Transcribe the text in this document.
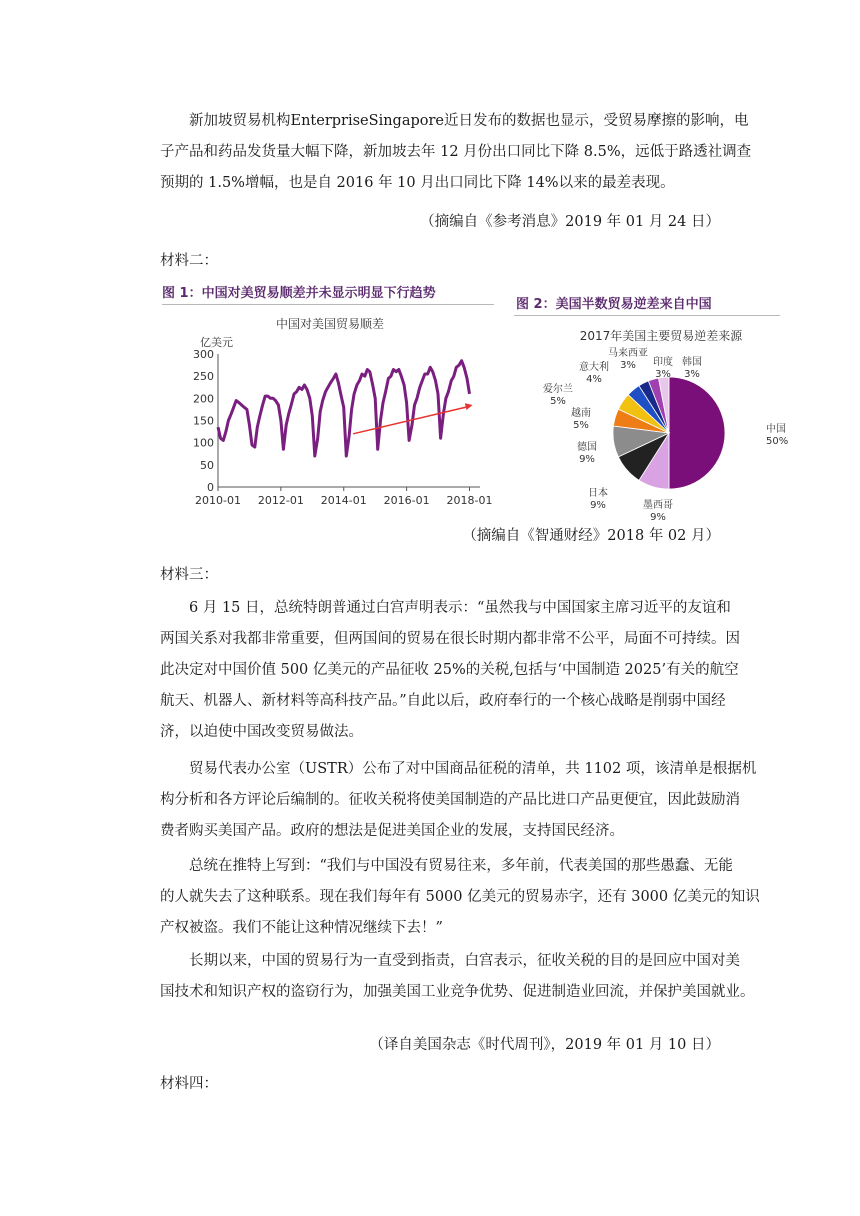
新加坡贸易机构EnterpriseSingapore近日发布的数据也显示，受贸易摩擦的影响，电
子产品和药品发货量大幅下降，新加坡去年 12 月份出口同比下降 8.5%，远低于路透社调查
预期的 1.5%增幅，也是自 2016 年 10 月出口同比下降 14%以来的最差表现。
（摘编自《参考消息》2019 年 01 月 24 日）
材料二：
图 1：中国对美贸易顺差并未显示明显下行趋势
中国对美国贸易顺差
亿美元
0
50
100
150
200
250
300
2010-01 2012-01 2014-01 2016-01 2018-01
图 2：美国半数贸易逆差来自中国
2017年美国主要贸易逆差来源
中国
50%
墨西哥
9%
日本
9%
德国
9%
越南
5%
爱尔兰
5%
意大利
4%
马来西亚
3% 印度
3%
韩国
3%
（摘编自《智通财经》2018 年 02 月）
材料三：
6 月 15 日，总统特朗普通过白宫声明表示：“虽然我与中国国家主席习近平的友谊和
两国关系对我都非常重要，但两国间的贸易在很长时期内都非常不公平，局面不可持续。因
此决定对中国价值 500 亿美元的产品征收 25%的关税,包括与‘中国制造 2025’有关的航空
航天、机器人、新材料等高科技产品。”自此以后，政府奉行的一个核心战略是削弱中国经
济，以迫使中国改变贸易做法。
贸易代表办公室（USTR）公布了对中国商品征税的清单，共 1102 项，该清单是根据机
构分析和各方评论后编制的。征收关税将使美国制造的产品比进口产品更便宜，因此鼓励消
费者购买美国产品。政府的想法是促进美国企业的发展，支持国民经济。
总统在推特上写到：“我们与中国没有贸易往来，多年前，代表美国的那些愚蠢、无能
的人就失去了这种联系。现在我们每年有 5000 亿美元的贸易赤字，还有 3000 亿美元的知识
产权被盗。我们不能让这种情况继续下去！”
长期以来，中国的贸易行为一直受到指责，白宫表示，征收关税的目的是回应中国对美
国技术和知识产权的盗窃行为，加强美国工业竞争优势、促进制造业回流，并保护美国就业。
（译自美国杂志《时代周刊》，2019 年 01 月 10 日）
材料四：
